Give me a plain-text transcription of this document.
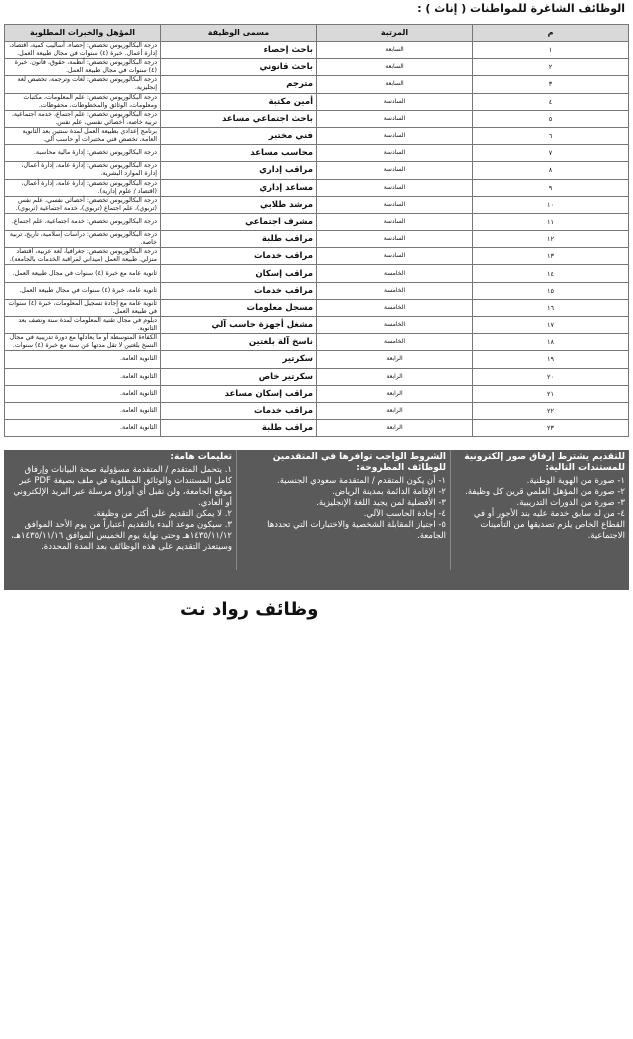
الوظائف الشاغرة للمواطنات ( إناث ) :
م	المرتبة	مسمى الوظيفة	المؤهل والخبرات المطلوبة
١	السابعة	باحث إحصاء	درجة البكالوريوس تخصص: إحصاء، أساليب كمية، اقتصاد، إدارة أعمال. خبرة (٤) سنوات في مجال طبيعة العمل.
٢	السابعة	باحث قانوني	درجة البكالوريوس تخصص: أنظمة، حقوق، قانون. خبرة (٤) سنوات في مجال طبيعة العمل.
٣	السابعة	مترجم	درجة البكالوريوس تخصص: لغات وترجمة، تخصص لغة إنجليزية.
٤	السادسة	أمين مكتبة	درجة البكالوريوس تخصص: علم المعلومات، مكتبات ومعلومات، الوثائق والمخطوطات، محفوظات.
٥	السادسة	باحث اجتماعي مساعد	درجة البكالوريوس تخصص: علم اجتماع، خدمة اجتماعية، تربية خاصة، أخصائي نفسي، علم نفس.
٦	السادسة	فني مختبر	برنامج إعدادي بطبيعة العمل لمدة سنتين بعد الثانوية العامة، تخصص فني مختبرات أو حاسب آلي.
٧	السادسة	محاسب مساعد	درجة البكالوريوس تخصص: إدارة مالية محاسبة.
٨	السادسة	مراقب إداري	درجة البكالوريوس تخصص: إدارة عامة، إدارة أعمال، إدارة الموارد البشرية.
٩	السادسة	مساعد إداري	درجة البكالوريوس تخصص: إدارة عامة، إدارة أعمال، (اقتصاد / علوم إدارية).
١٠	السادسة	مرشد طلابي	درجة البكالوريوس تخصص: أخصائي نفسي، علم نفس (تربوي)، علم اجتماع (تربوي)، خدمة اجتماعية (تربوي).
١١	السادسة	مشرف اجتماعي	درجة البكالوريوس تخصص: خدمة اجتماعية، علم اجتماع.
١٢	السادسة	مراقب طلبة	درجة البكالوريوس تخصص: دراسات إسلامية، تاريخ، تربية خاصة.
١٣	السادسة	مراقب خدمات	درجة البكالوريوس تخصص: جغرافيا، لغة عربية، اقتصاد منزلي. طبيعة العمل (ميداني لمراقبة الخدمات بالجامعة).
١٤	الخامسة	مراقب إسكان	ثانوية عامة مع خبرة (٤) سنوات في مجال طبيعة العمل.
١٥	الخامسة	مراقب خدمات	ثانوية عامة، خبرة (٤) سنوات في مجال طبيعة العمل.
١٦	الخامسة	مسجل معلومات	ثانوية عامة مع إجادة تسجيل المعلومات، خبرة (٤) سنوات في طبيعة العمل.
١٧	الخامسة	مشغل أجهزة حاسب آلي	دبلوم في مجال تقنية المعلومات لمدة سنة ونصف بعد الثانوية.
١٨	الخامسة	ناسخ آلة بلغتين	الكفاءة المتوسطة أو ما يعادلها مع دورة تدريبية في مجال النسخ بلغتين لا تقل مدتها عن سنة مع خبرة (٤) سنوات.
١٩	الرابعة	سكرتير	الثانوية العامة.
٢٠	الرابعة	سكرتير خاص	الثانوية العامة.
٢١	الرابعة	مراقب إسكان مساعد	الثانوية العامة.
٢٢	الرابعة	مراقب خدمات	الثانوية العامة.
٢٣	الرابعة	مراقب طلبة	الثانوية العامة.
للتقديم يشترط إرفاق صور إلكترونية للمستندات التالية:
١- صورة من الهوية الوطنية.
٢- صورة من المؤهل العلمي قرين كل وظيفة.
٣- صورة من الدورات التدريبية.
٤- من له سابق خدمة عليه بند الأجور أو في القطاع الخاص يلزم تصديقها من التأمينات الاجتماعية.
الشروط الواجب توافرها في المتقدمين للوظائف المطروحة:
١- أن يكون المتقدم / المتقدمة سعودي الجنسية.
٢- الإقامة الدائمة بمدينة الرياض.
٣- الأفضلية لمن يجيد اللغة الإنجليزية.
٤- إجادة الحاسب الآلي.
٥- اجتياز المقابلة الشخصية والاختبارات التي تحددها الجامعة.
تعليمات هامة:
١. يتحمل المتقدم / المتقدمة مسؤولية صحة البيانات وإرفاق كامل المستندات والوثائق المطلوبة في ملف بصيغة PDF عبر موقع الجامعة، ولن تقبل أي أوراق مرسلة عبر البريد الإلكتروني أو العادي.
٢. لا يمكن التقديم على أكثر من وظيفة.
٣. سيكون موعد البدء بالتقديم اعتباراً من يوم الأحد الموافق ١٤٣٥/١١/١٢هـ وحتى نهاية يوم الخميس الموافق ١٤٣٥/١١/١٦هـ، وسيتعذر التقديم على هذه الوظائف بعد المدة المحددة.
http://www.pnu.edu.sa
وظائف رواد نت
